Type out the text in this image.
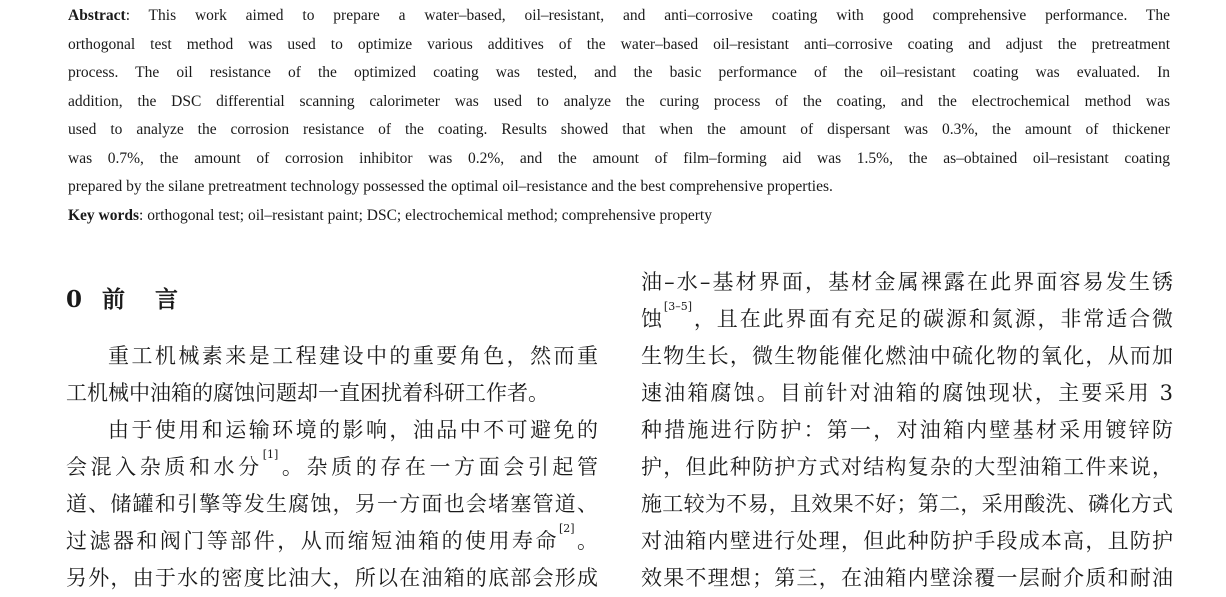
Abstract: This work aimed to prepare a water–based, oil–resistant, and anti–corrosive coating with good comprehensive performance. The
orthogonal test method was used to optimize various additives of the water–based oil–resistant anti–corrosive coating and adjust the pretreatment
process. The oil resistance of the optimized coating was tested, and the basic performance of the oil–resistant coating was evaluated. In
addition, the DSC differential scanning calorimeter was used to analyze the curing process of the coating, and the electrochemical method was
used to analyze the corrosion resistance of the coating. Results showed that when the amount of dispersant was 0.3%, the amount of thickener
was 0.7%, the amount of corrosion inhibitor was 0.2%, and the amount of film–forming aid was 1.5%, the as–obtained oil–resistant coating
prepared by the silane pretreatment technology possessed the optimal oil–resistance and the best comprehensive properties.
Key words: orthogonal test; oil–resistant paint; DSC; electrochemical method; comprehensive property
0 前 言
重工机械素来是工程建设中的重要角色，然而重
工机械中油箱的腐蚀问题却一直困扰着科研工作者。
由于使用和运输环境的影响，油品中不可避免的
会混入杂质和水分[1]。杂质的存在一方面会引起管
道、储罐和引擎等发生腐蚀，另一方面也会堵塞管道、
过滤器和阀门等部件，从而缩短油箱的使用寿命[2]。
另外，由于水的密度比油大，所以在油箱的底部会形成
油–水–基材界面，基材金属裸露在此界面容易发生锈
蚀[3–5]，且在此界面有充足的碳源和氮源，非常适合微
生物生长，微生物能催化燃油中硫化物的氧化，从而加
速油箱腐蚀。目前针对油箱的腐蚀现状，主要采用 3
种措施进行防护：第一，对油箱内壁基材采用镀锌防
护，但此种防护方式对结构复杂的大型油箱工件来说，
施工较为不易，且效果不好；第二，采用酸洗、磷化方式
对油箱内壁进行处理，但此种防护手段成本高，且防护
效果不理想；第三，在油箱内壁涂覆一层耐介质和耐油
